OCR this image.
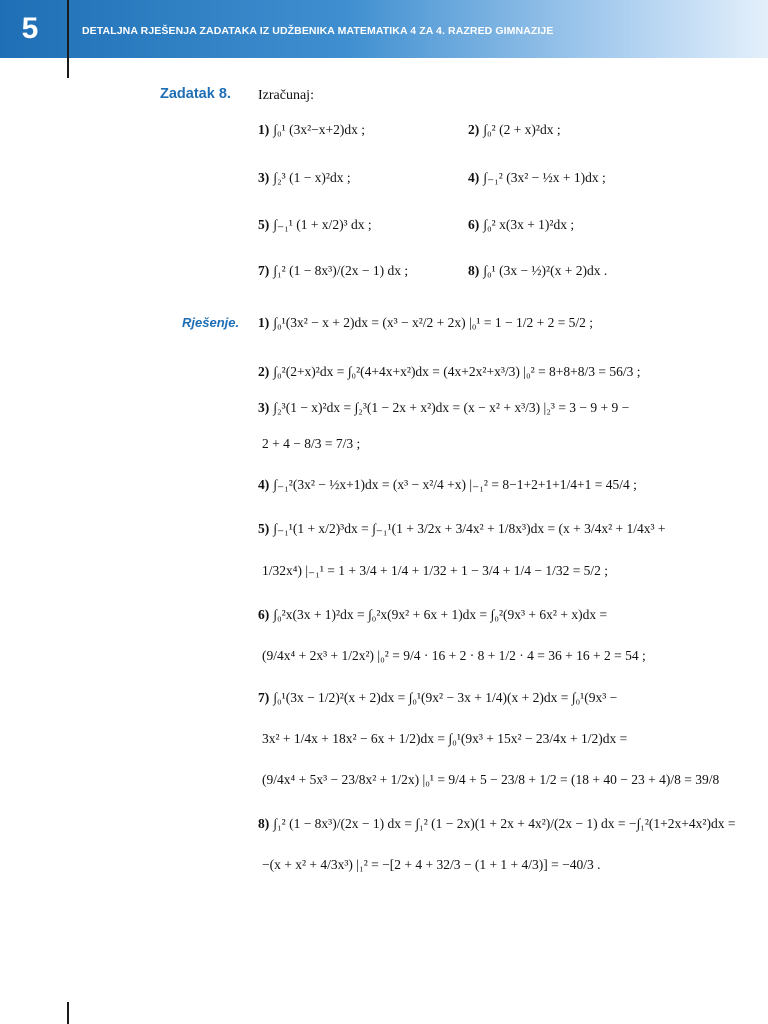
5	DETALJNA RJEŠENJA ZADATAKA IZ UDŽBENIKA MATEMATIKA 4 ZA 4. RAZRED GIMNAZIJE
Zadatak 8. Izračunaj:
1) ∫₀¹ (3x²−x+2)dx ;	2) ∫₀² (2 + x)²dx ;
3) ∫₂³ (1 − x)²dx ;	4) ∫₋₁² (3x² − ½x + 1)dx ;
5) ∫₋₁¹ (1 + x/2)³ dx ;	6) ∫₀² x(3x + 1)²dx ;
7) ∫₁² (1 − 8x³)/(2x − 1) dx ;	8) ∫₀¹ (3x − ½)²(x + 2)dx .
Rješenje. 1) ∫₀¹(3x² − x + 2)dx = (x³ − x²/2 + 2x) |₀¹ = 1 − 1/2 + 2 = 5/2 ;
2) ∫₀²(2+x)²dx = ∫₀²(4+4x+x²)dx = (4x+2x²+x³/3) |₀² = 8+8+8/3 = 56/3 ;
3) ∫₂³(1 − x)²dx = ∫₂³(1 − 2x + x²)dx = (x − x² + x³/3) |₂³ = 3 − 9 + 9 −
2 + 4 − 8/3 = 7/3 ;
4) ∫₋₁²(3x² − ½x+1)dx = (x³ − x²/4 +x) |₋₁² = 8−1+2+1+1/4+1 = 45/4 ;
5) ∫₋₁¹(1 + x/2)³dx = ∫₋₁¹(1 + 3/2x + 3/4x² + 1/8x³)dx = (x + 3/4x² + 1/4x³ +
1/32x⁴) |₋₁¹ = 1 + 3/4 + 1/4 + 1/32 + 1 − 3/4 + 1/4 − 1/32 = 5/2 ;
6) ∫₀²x(3x + 1)²dx = ∫₀²x(9x² + 6x + 1)dx = ∫₀²(9x³ + 6x² + x)dx =
(9/4x⁴ + 2x³ + 1/2x²) |₀² = 9/4 · 16 + 2 · 8 + 1/2 · 4 = 36 + 16 + 2 = 54 ;
7) ∫₀¹(3x − 1/2)²(x + 2)dx = ∫₀¹(9x² − 3x + 1/4)(x + 2)dx = ∫₀¹(9x³ −
3x² + 1/4x + 18x² − 6x + 1/2)dx = ∫₀¹(9x³ + 15x² − 23/4x + 1/2)dx =
(9/4x⁴ + 5x³ − 23/8x² + 1/2x) |₀¹ = 9/4 + 5 − 23/8 + 1/2 = (18 + 40 − 23 + 4)/8 = 39/8
8) ∫₁² (1 − 8x³)/(2x − 1) dx = ∫₁² (1 − 2x)(1 + 2x + 4x²)/(2x − 1) dx = −∫₁²(1+2x+4x²)dx =
−(x + x² + 4/3x³) |₁² = −[2 + 4 + 32/3 − (1 + 1 + 4/3)] = −40/3 .
